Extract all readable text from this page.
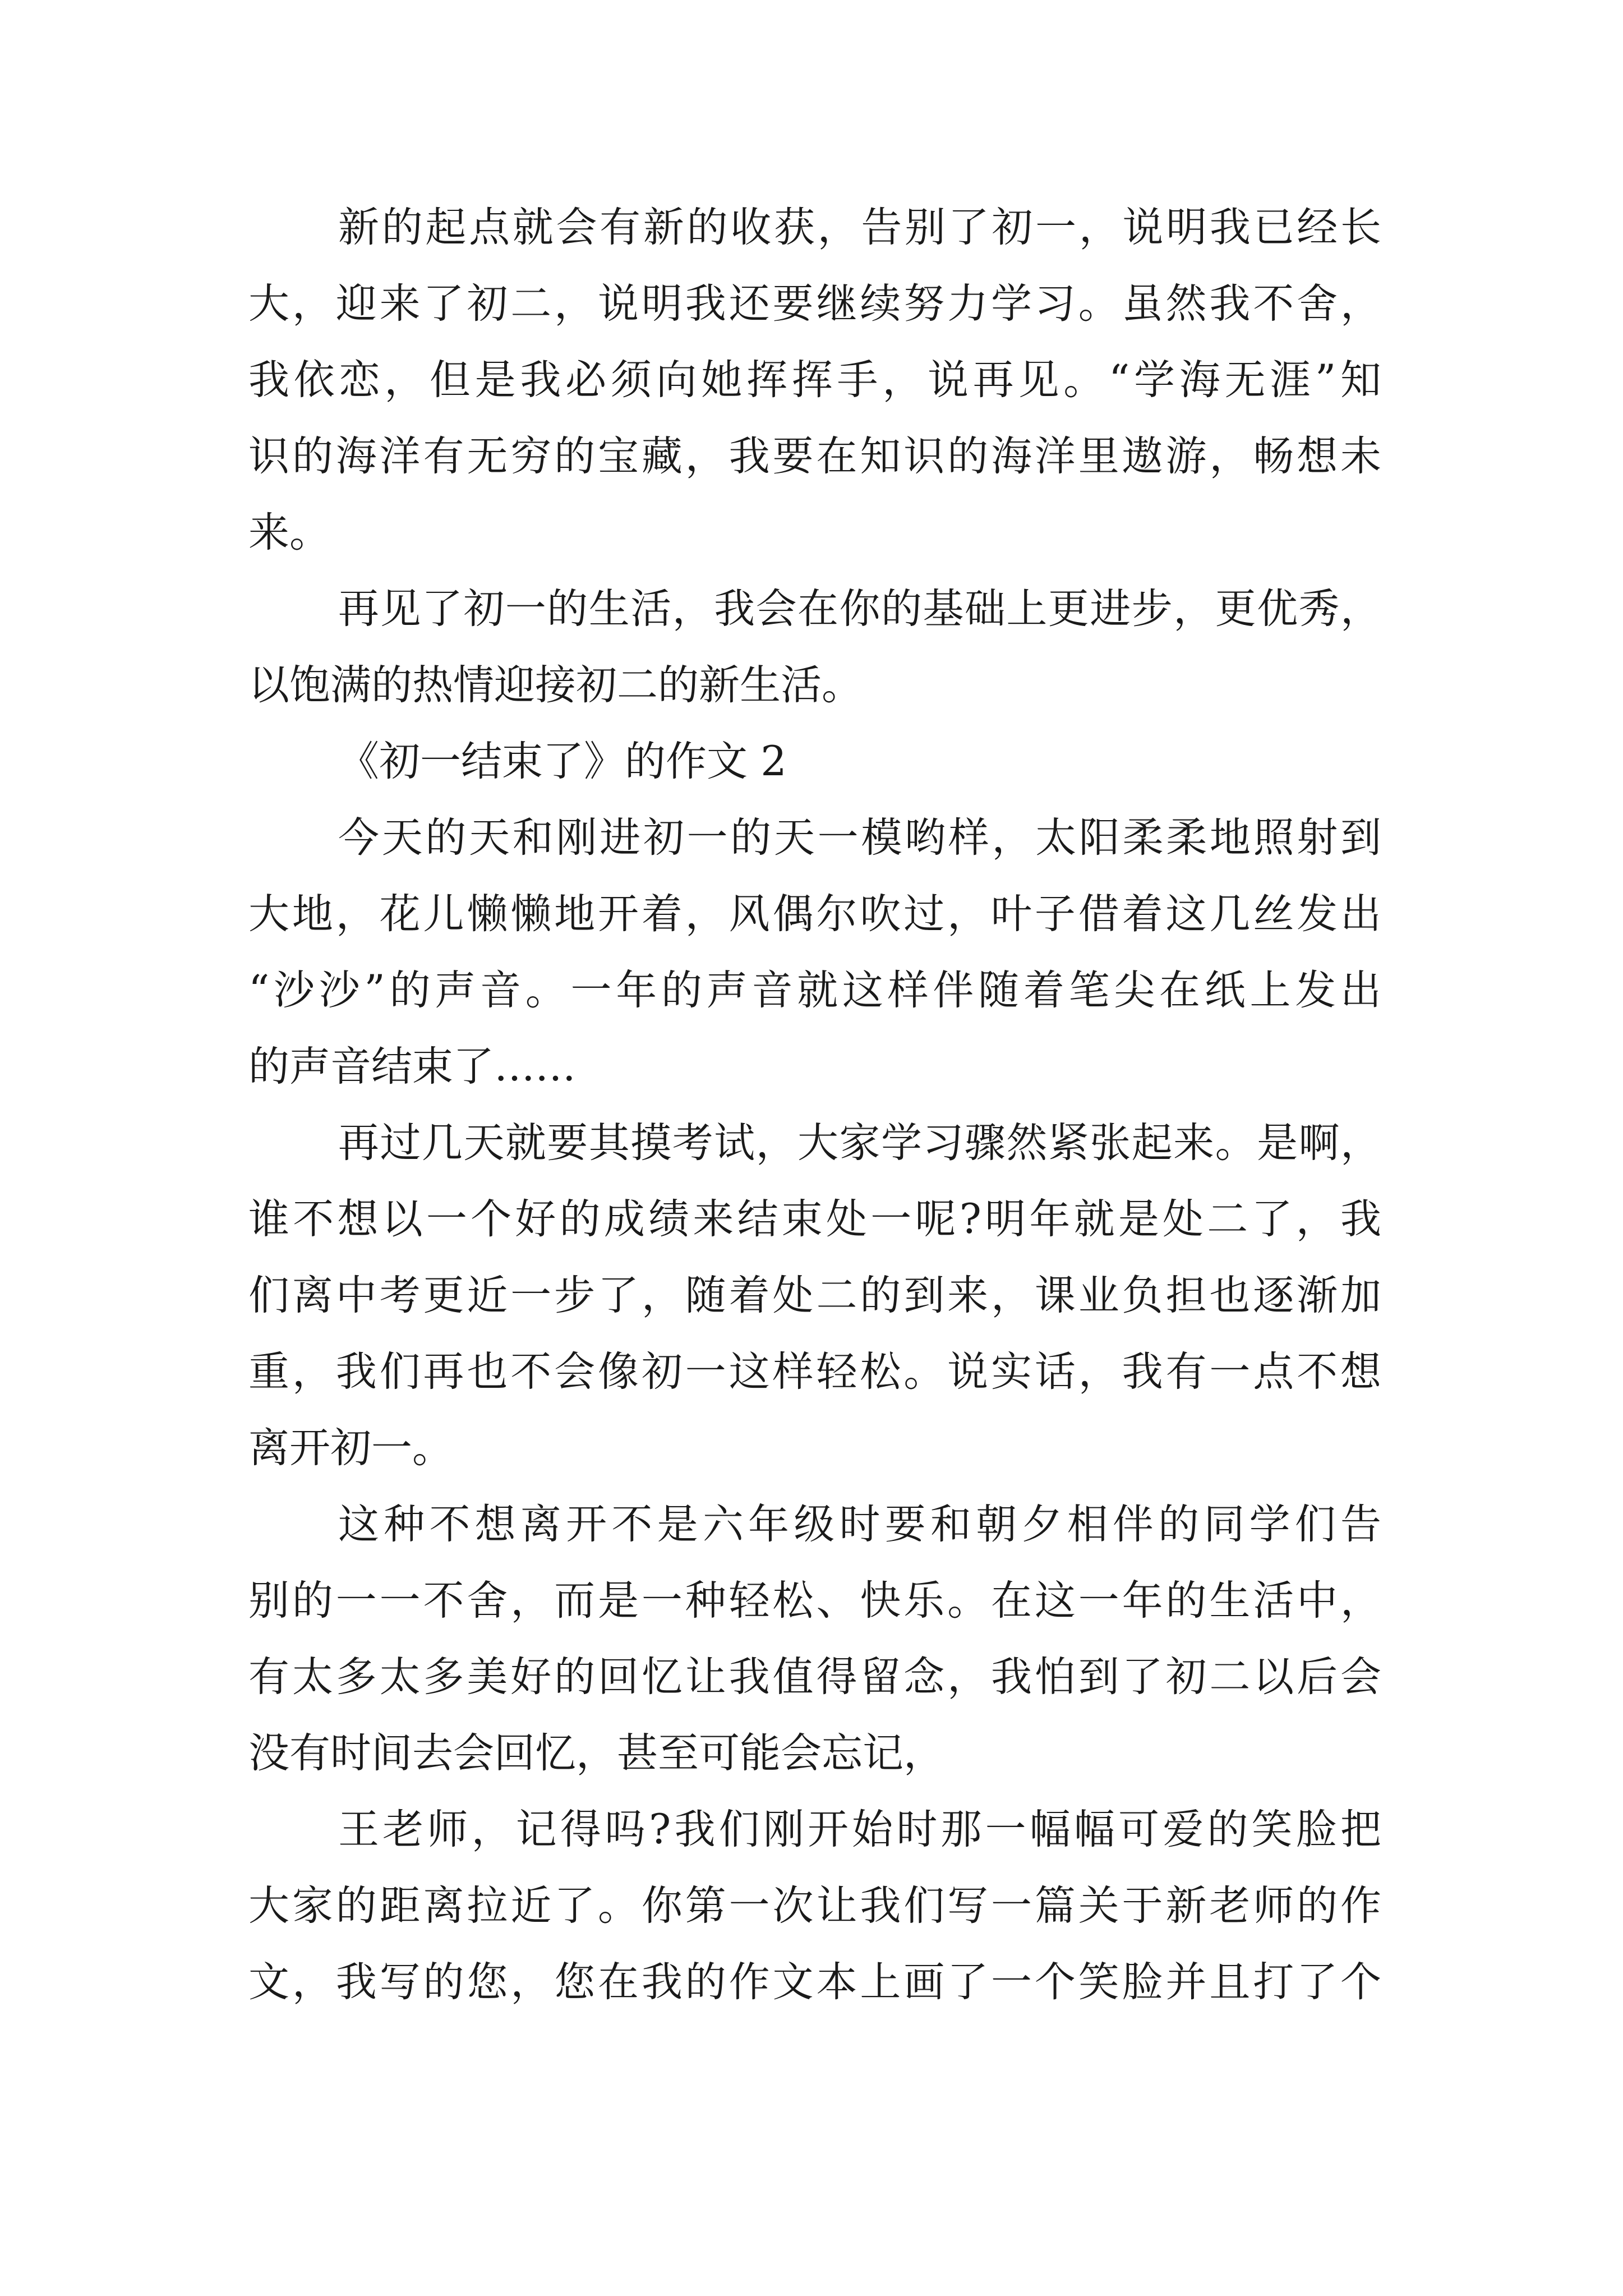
新的起点就会有新的收获，告别了初一，说明我已经长
大，迎来了初二，说明我还要继续努力学习。虽然我不舍，
我依恋，但是我必须向她挥挥手，说再见。“学海无涯”知
识的海洋有无穷的宝藏，我要在知识的海洋里遨游，畅想未
来。
再见了初一的生活，我会在你的基础上更进步，更优秀，
以饱满的热情迎接初二的新生活。
《初一结束了》的作文 2
今天的天和刚进初一的天一模哟样，太阳柔柔地照射到
大地，花儿懒懒地开着，风偶尔吹过，叶子借着这几丝发出
“沙沙”的声音。一年的声音就这样伴随着笔尖在纸上发出
的声音结束了……
再过几天就要其摸考试，大家学习骤然紧张起来。是啊，
谁不想以一个好的成绩来结束处一呢?明年就是处二了，我
们离中考更近一步了，随着处二的到来，课业负担也逐渐加
重，我们再也不会像初一这样轻松。说实话，我有一点不想
离开初一。
这种不想离开不是六年级时要和朝夕相伴的同学们告
别的一一不舍，而是一种轻松、快乐。在这一年的生活中，
有太多太多美好的回忆让我值得留念，我怕到了初二以后会
没有时间去会回忆，甚至可能会忘记，
王老师，记得吗?我们刚开始时那一幅幅可爱的笑脸把
大家的距离拉近了。你第一次让我们写一篇关于新老师的作
文，我写的您，您在我的作文本上画了一个笑脸并且打了个
